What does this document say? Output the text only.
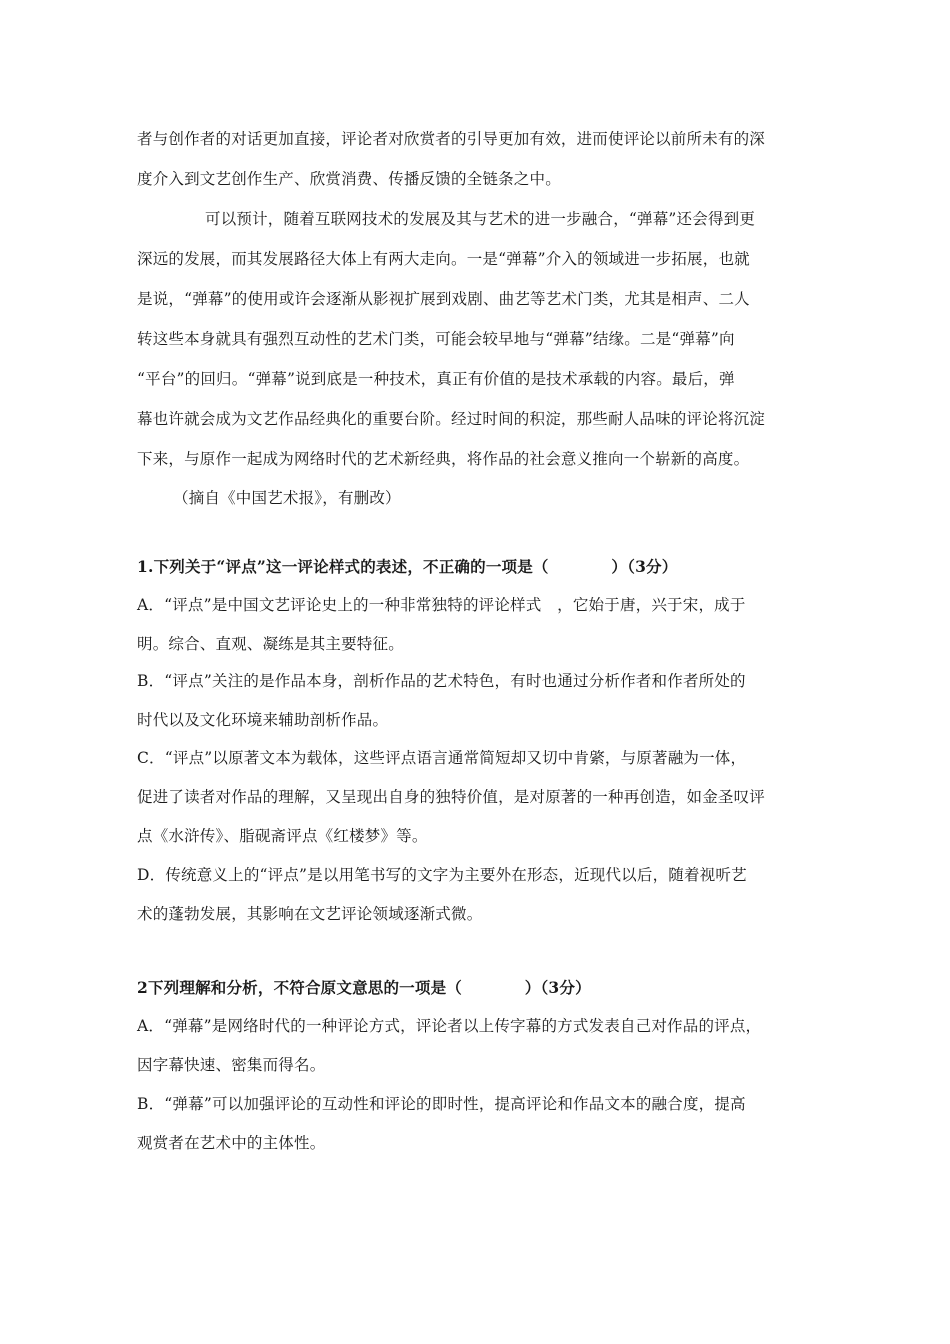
者与创作者的对话更加直接，评论者对欣赏者的引导更加有效，进而使评论以前所未有的深
度介入到文艺创作生产、欣赏消费、传播反馈的全链条之中。
可以预计，随着互联网技术的发展及其与艺术的进一步融合，“弹幕”还会得到更
深远的发展，而其发展路径大体上有两大走向。一是“弹幕”介入的领域进一步拓展，也就
是说，“弹幕”的使用或许会逐渐从影视扩展到戏剧、曲艺等艺术门类，尤其是相声、二人
转这些本身就具有强烈互动性的艺术门类，可能会较早地与“弹幕”结缘。二是“弹幕”向
“平台”的回归。“弹幕”说到底是一种技术，真正有价值的是技术承载的内容。最后，弹
幕也许就会成为文艺作品经典化的重要台阶。经过时间的积淀，那些耐人品味的评论将沉淀
下来，与原作一起成为网络时代的艺术新经典，将作品的社会意义推向一个崭新的高度。
（摘自《中国艺术报》，有删改）
1.下列关于“评点”这一评论样式的表述，不正确的一项是（　　　　）（3分）
A．“评点”是中国文艺评论史上的一种非常独特的评论样式　，它始于唐，兴于宋，成于
明。综合、直观、凝练是其主要特征。
B．“评点”关注的是作品本身，剖析作品的艺术特色，有时也通过分析作者和作者所处的
时代以及文化环境来辅助剖析作品。
C．“评点”以原著文本为载体，这些评点语言通常简短却又切中肯綮，与原著融为一体，
促进了读者对作品的理解，又呈现出自身的独特价值，是对原著的一种再创造，如金圣叹评
点《水浒传》、脂砚斋评点《红楼梦》等。
D．传统意义上的“评点”是以用笔书写的文字为主要外在形态，近现代以后，随着视听艺
术的蓬勃发展，其影响在文艺评论领域逐渐式微。
2下列理解和分析，不符合原文意思的一项是（　　　　）（3分）
A．“弹幕”是网络时代的一种评论方式，评论者以上传字幕的方式发表自己对作品的评点，
因字幕快速、密集而得名。
B．“弹幕”可以加强评论的互动性和评论的即时性，提高评论和作品文本的融合度，提高
观赏者在艺术中的主体性。
